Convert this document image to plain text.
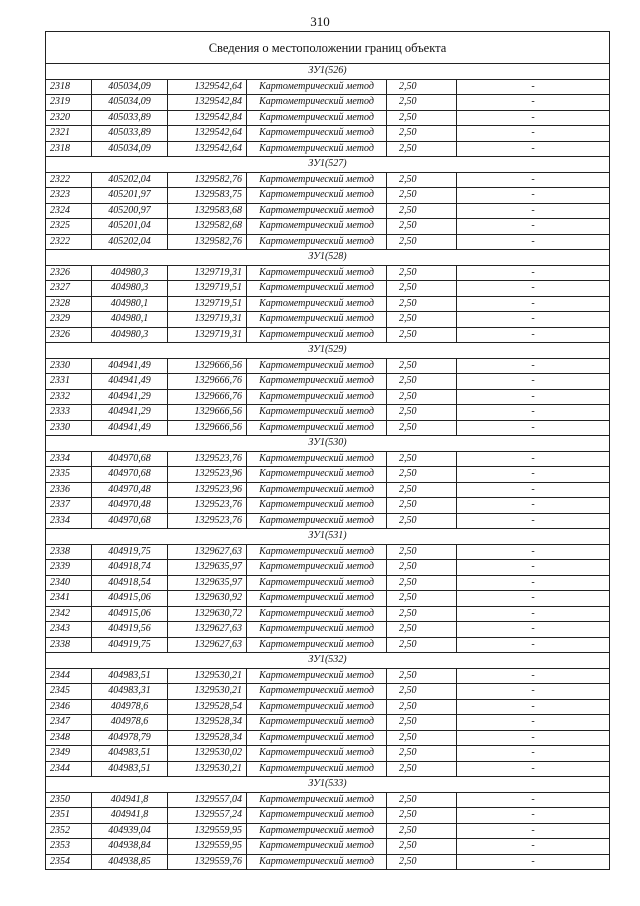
310
Сведения о местоположении границ объекта					
ЗУ1(526)					
2318	405034,09	1329542,64	Картометрический метод	2,50	-
2319	405034,09	1329542,84	Картометрический метод	2,50	-
2320	405033,89	1329542,84	Картометрический метод	2,50	-
2321	405033,89	1329542,64	Картометрический метод	2,50	-
2318	405034,09	1329542,64	Картометрический метод	2,50	-
ЗУ1(527)					
2322	405202,04	1329582,76	Картометрический метод	2,50	-
2323	405201,97	1329583,75	Картометрический метод	2,50	-
2324	405200,97	1329583,68	Картометрический метод	2,50	-
2325	405201,04	1329582,68	Картометрический метод	2,50	-
2322	405202,04	1329582,76	Картометрический метод	2,50	-
ЗУ1(528)					
2326	404980,3	1329719,31	Картометрический метод	2,50	-
2327	404980,3	1329719,51	Картометрический метод	2,50	-
2328	404980,1	1329719,51	Картометрический метод	2,50	-
2329	404980,1	1329719,31	Картометрический метод	2,50	-
2326	404980,3	1329719,31	Картометрический метод	2,50	-
ЗУ1(529)					
2330	404941,49	1329666,56	Картометрический метод	2,50	-
2331	404941,49	1329666,76	Картометрический метод	2,50	-
2332	404941,29	1329666,76	Картометрический метод	2,50	-
2333	404941,29	1329666,56	Картометрический метод	2,50	-
2330	404941,49	1329666,56	Картометрический метод	2,50	-
ЗУ1(530)					
2334	404970,68	1329523,76	Картометрический метод	2,50	-
2335	404970,68	1329523,96	Картометрический метод	2,50	-
2336	404970,48	1329523,96	Картометрический метод	2,50	-
2337	404970,48	1329523,76	Картометрический метод	2,50	-
2334	404970,68	1329523,76	Картометрический метод	2,50	-
ЗУ1(531)					
2338	404919,75	1329627,63	Картометрический метод	2,50	-
2339	404918,74	1329635,97	Картометрический метод	2,50	-
2340	404918,54	1329635,97	Картометрический метод	2,50	-
2341	404915,06	1329630,92	Картометрический метод	2,50	-
2342	404915,06	1329630,72	Картометрический метод	2,50	-
2343	404919,56	1329627,63	Картометрический метод	2,50	-
2338	404919,75	1329627,63	Картометрический метод	2,50	-
ЗУ1(532)					
2344	404983,51	1329530,21	Картометрический метод	2,50	-
2345	404983,31	1329530,21	Картометрический метод	2,50	-
2346	404978,6	1329528,54	Картометрический метод	2,50	-
2347	404978,6	1329528,34	Картометрический метод	2,50	-
2348	404978,79	1329528,34	Картометрический метод	2,50	-
2349	404983,51	1329530,02	Картометрический метод	2,50	-
2344	404983,51	1329530,21	Картометрический метод	2,50	-
ЗУ1(533)					
2350	404941,8	1329557,04	Картометрический метод	2,50	-
2351	404941,8	1329557,24	Картометрический метод	2,50	-
2352	404939,04	1329559,95	Картометрический метод	2,50	-
2353	404938,84	1329559,95	Картометрический метод	2,50	-
2354	404938,85	1329559,76	Картометрический метод	2,50	-
